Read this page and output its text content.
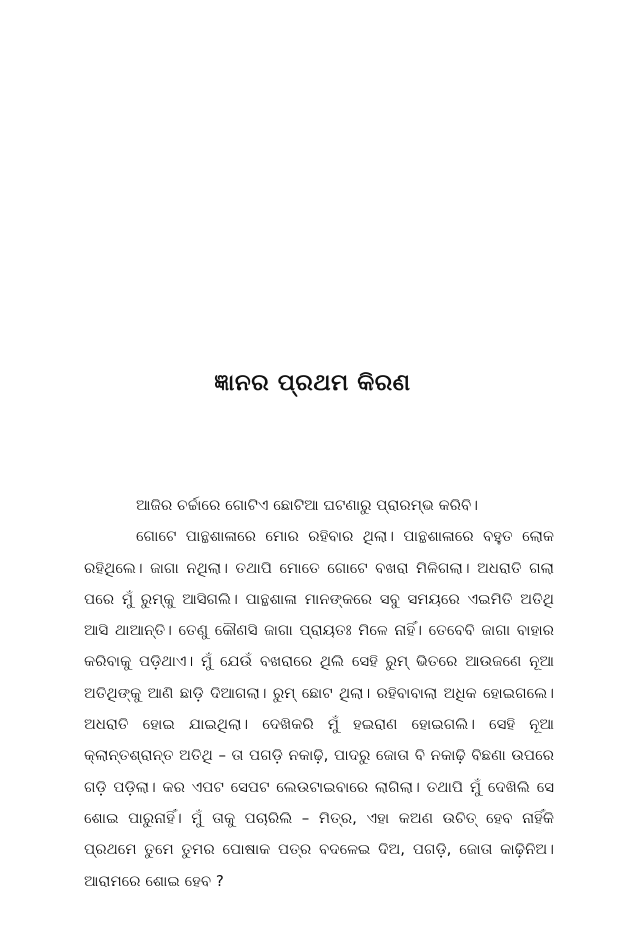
ଜ୍ଞାନର ପ୍ରଥମ କିରଣ

ଆଜିର ଚର୍ଚ୍ଚାରେ ଗୋଟିଏ ଛୋଟିଆ ଘଟଣାରୁ ପ୍ରାରମ୍ଭ କରିବି।

ଗୋଟେ ପାନ୍ଥଶାଳାରେ ମୋର ରହିବାର ଥିଲା। ପାନ୍ଥଶାଳାରେ ବହୁତ ଲୋକ ରହିଥିଲେ। ଜାଗା ନଥିଲା। ତଥାପି ମୋତେ ଗୋଟେ ବଖରା ମିଳିଗଲା। ଅଧରାତି ଗଲା ପରେ ମୁଁ ରୁମ୍‌କୁ ଆସିଗଲି। ପାନ୍ଥଶାଳା ମାନଙ୍କରେ ସବୁ ସମୟରେ ଏଇମିତି ଅତିଥି ଆସି ଥାଆନ୍ତି। ତେଣୁ କୌଣସି ଜାଗା ପ୍ରାୟତଃ ମିଳେ ନାହିଁ। ତେବେବି ଜାଗା ବାହାର କରିବାକୁ ପଡ଼ିଥାଏ। ମୁଁ ଯେଉଁ ବଖରାରେ ଥିଲି ସେହି ରୁମ୍ ଭିତରେ ଆଉଜଣେ ନୂଆ ଅତିଥିଙ୍କୁ ଆଣି ଛାଡ଼ି ଦିଆଗଲା। ରୁମ୍ ଛୋଟ ଥିଲା। ରହିବାବାଲା ଅଧିକ ହୋଇଗଲେ। ଅଧରାତି ହୋଇ ଯାଇଥିଲା। ଦେଖିକରି ମୁଁ ହଇରାଣ ହୋଇଗଲି। ସେହି ନୂଆ କ୍ଲାନ୍ତଶ୍ରାନ୍ତ ଅତିଥି – ତା ପଗଡ଼ି ନକାଢ଼ି, ପାଦରୁ ଜୋତା ବି ନକାଢ଼ି ବିଛଣା ଉପରେ ଗଡ଼ି ପଡ଼ିଲା। କର ଏପଟ ସେପଟ ଲେଉଟାଇବାରେ ଲାଗିଲା। ତଥାପି ମୁଁ ଦେଖିଲି ସେ ଶୋଇ ପାରୁନାହିଁ। ମୁଁ ତାକୁ ପଚାରିଲି – ମିତ୍ର, ଏହା କଅଣ ଉଚିତ୍ ହେବ ନାହିଁକି ପ୍ରଥମେ ତୁମେ ତୁମର ପୋଷାକ ପତ୍ର ବଦଳେଇ ଦିଅ, ପଗଡ଼ି, ଜୋତା କାଢ଼ିନିଅ। ଆରାମରେ ଶୋଇ ହେବ ?
